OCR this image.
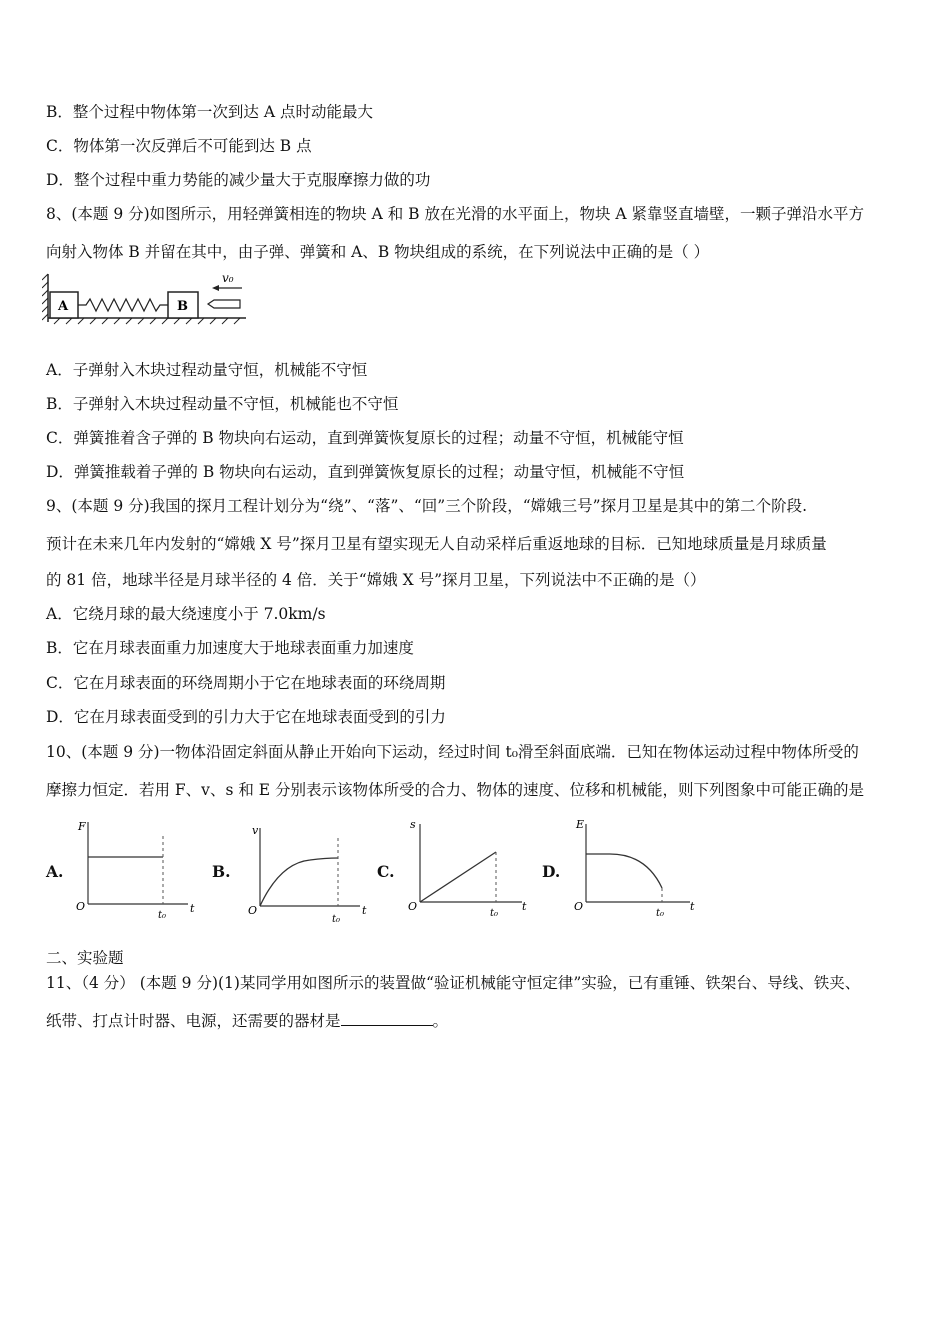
B．整个过程中物体第一次到达 A 点时动能最大
C．物体第一次反弹后不可能到达 B 点
D．整个过程中重力势能的减少量大于克服摩擦力做的功
8、(本题 9 分)如图所示，用轻弹簧相连的物块 A 和 B 放在光滑的水平面上，物块 A 紧靠竖直墙壁，一颗子弹沿水平方
向射入物体 B 并留在其中，由子弹、弹簧和 A、B 物块组成的系统，在下列说法中正确的是（ ）
A	B
v₀
A．子弹射入木块过程动量守恒，机械能不守恒
B．子弹射入木块过程动量不守恒，机械能也不守恒
C．弹簧推着含子弹的 B 物块向右运动，直到弹簧恢复原长的过程；动量不守恒，机械能守恒
D．弹簧推载着子弹的 B 物块向右运动，直到弹簧恢复原长的过程；动量守恒，机械能不守恒
9、(本题 9 分)我国的探月工程计划分为“绕”、“落”、“回”三个阶段，“嫦娥三号”探月卫星是其中的第二个阶段.
预计在未来几年内发射的“嫦娥 X 号”探月卫星有望实现无人自动采样后重返地球的目标．已知地球质量是月球质量
的 81 倍，地球半径是月球半径的 4 倍．关于“嫦娥 X 号”探月卫星，下列说法中不正确的是（）
A．它绕月球的最大绕速度小于 7.0km/s
B．它在月球表面重力加速度大于地球表面重力加速度
C．它在月球表面的环绕周期小于它在地球表面的环绕周期
D．它在月球表面受到的引力大于它在地球表面受到的引力
10、(本题 9 分)一物体沿固定斜面从静止开始向下运动，经过时间 t₀滑至斜面底端．已知在物体运动过程中物体所受的
摩擦力恒定．若用 F、v、s 和 E 分别表示该物体所受的合力、物体的速度、位移和机械能，则下列图象中可能正确的是
A.
F
t
O
t₀
B.
v
t
O
t₀
C.
s
t
O
t₀
D.
E
t
O
t₀
二、实验题
11、（4 分） (本题 9 分)(1)某同学用如图所示的装置做“验证机械能守恒定律”实验，已有重锤、铁架台、导线、铁夹、
纸带、打点计时器、电源，还需要的器材是	。
